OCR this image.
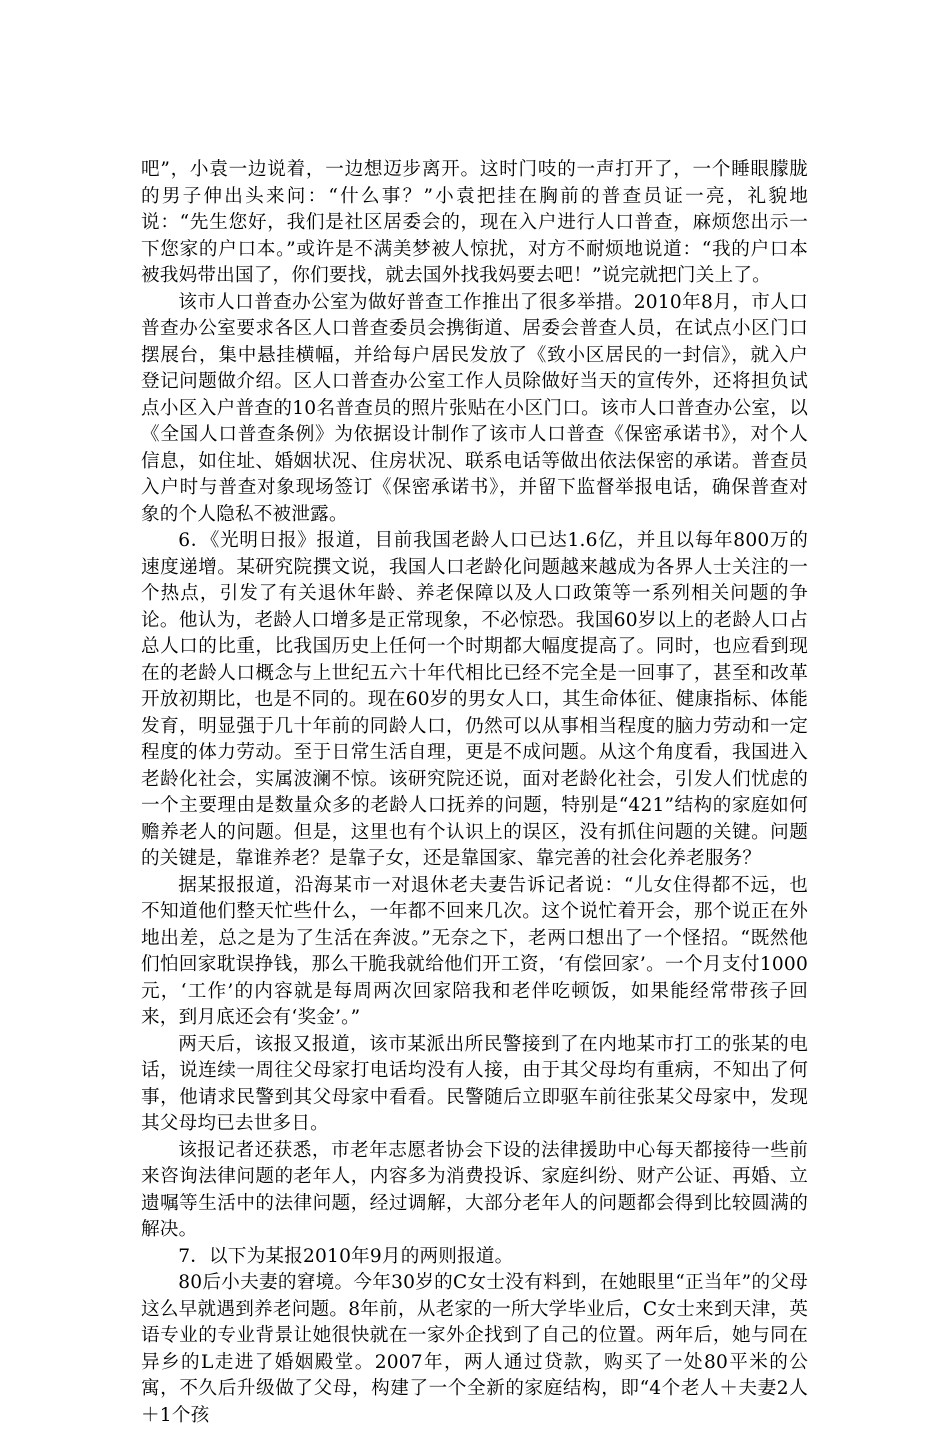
吧”，小袁一边说着，一边想迈步离开。这时门吱的一声打开了，一个睡眼朦胧的男子伸出头来问：“什么事？”小袁把挂在胸前的普查员证一亮，礼貌地说：“先生您好，我们是社区居委会的，现在入户进行人口普查，麻烦您出示一下您家的户口本。”或许是不满美梦被人惊扰，对方不耐烦地说道：“我的户口本被我妈带出国了，你们要找，就去国外找我妈要去吧！”说完就把门关上了。

该市人口普查办公室为做好普查工作推出了很多举措。2010年8月，市人口普查办公室要求各区人口普查委员会携街道、居委会普查人员，在试点小区门口摆展台，集中悬挂横幅，并给每户居民发放了《致小区居民的一封信》，就入户登记问题做介绍。区人口普查办公室工作人员除做好当天的宣传外，还将担负试点小区入户普查的10名普查员的照片张贴在小区门口。该市人口普查办公室，以《全国人口普查条例》为依据设计制作了该市人口普查《保密承诺书》，对个人信息，如住址、婚姻状况、住房状况、联系电话等做出依法保密的承诺。普查员入户时与普查对象现场签订《保密承诺书》，并留下监督举报电话，确保普查对象的个人隐私不被泄露。

6．《光明日报》报道，目前我国老龄人口已达1.6亿，并且以每年800万的速度递增。某研究院撰文说，我国人口老龄化问题越来越成为各界人士关注的一个热点，引发了有关退休年龄、养老保障以及人口政策等一系列相关问题的争论。他认为，老龄人口增多是正常现象，不必惊恐。我国60岁以上的老龄人口占总人口的比重，比我国历史上任何一个时期都大幅度提高了。同时，也应看到现在的老龄人口概念与上世纪五六十年代相比已经不完全是一回事了，甚至和改革开放初期比，也是不同的。现在60岁的男女人口，其生命体征、健康指标、体能发育，明显强于几十年前的同龄人口，仍然可以从事相当程度的脑力劳动和一定程度的体力劳动。至于日常生活自理，更是不成问题。从这个角度看，我国进入老龄化社会，实属波澜不惊。该研究院还说，面对老龄化社会，引发人们忧虑的一个主要理由是数量众多的老龄人口抚养的问题，特别是“421”结构的家庭如何赡养老人的问题。但是，这里也有个认识上的误区，没有抓住问题的关键。问题的关键是，靠谁养老？是靠子女，还是靠国家、靠完善的社会化养老服务？

据某报报道，沿海某市一对退休老夫妻告诉记者说：“儿女住得都不远，也不知道他们整天忙些什么，一年都不回来几次。这个说忙着开会，那个说正在外地出差，总之是为了生活在奔波。”无奈之下，老两口想出了一个怪招。“既然他们怕回家耽误挣钱，那么干脆我就给他们开工资，‘有偿回家’。一个月支付1000元，‘工作’的内容就是每周两次回家陪我和老伴吃顿饭，如果能经常带孩子回来，到月底还会有‘奖金’。”

两天后，该报又报道，该市某派出所民警接到了在内地某市打工的张某的电话，说连续一周往父母家打电话均没有人接，由于其父母均有重病，不知出了何事，他请求民警到其父母家中看看。民警随后立即驱车前往张某父母家中，发现其父母均已去世多日。

该报记者还获悉，市老年志愿者协会下设的法律援助中心每天都接待一些前来咨询法律问题的老年人，内容多为消费投诉、家庭纠纷、财产公证、再婚、立遗嘱等生活中的法律问题，经过调解，大部分老年人的问题都会得到比较圆满的解决。

7．以下为某报2010年9月的两则报道。

80后小夫妻的窘境。今年30岁的C女士没有料到，在她眼里“正当年”的父母这么早就遇到养老问题。8年前，从老家的一所大学毕业后，C女士来到天津，英语专业的专业背景让她很快就在一家外企找到了自己的位置。两年后，她与同在异乡的L走进了婚姻殿堂。2007年，两人通过贷款，购买了一处80平米的公寓，不久后升级做了父母，构建了一个全新的家庭结构，即“4个老人＋夫妻2人＋1个孩
